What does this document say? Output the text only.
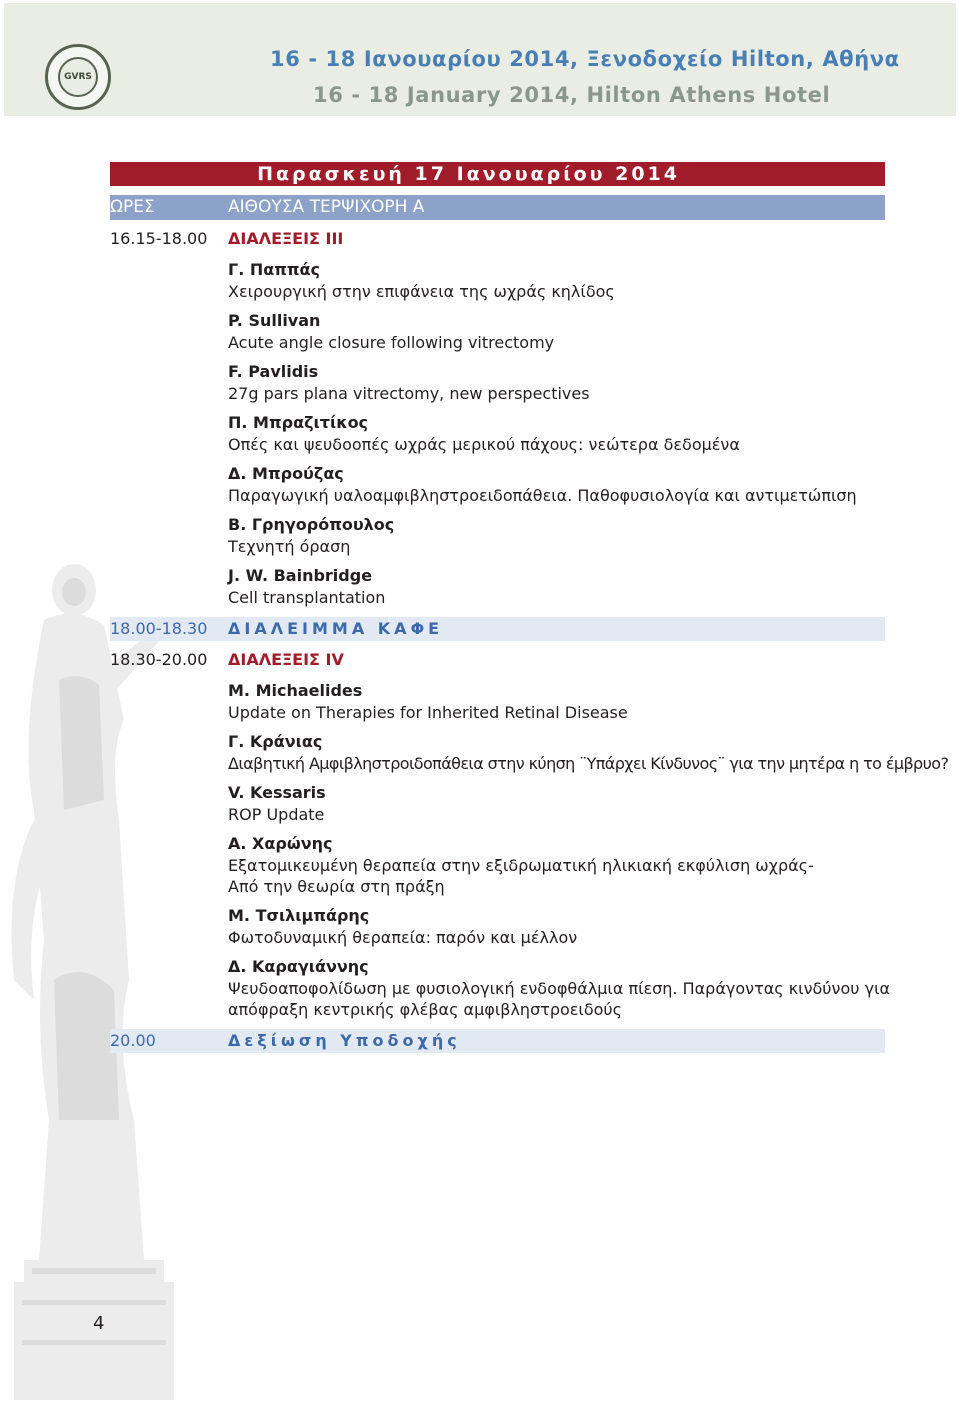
GVRS
16 - 18 Ιανουαρίου 2014, Ξενοδοχείο Hilton, Αθήνα
16 - 18 January 2014, Hilton Athens Hotel
Παρασκευή 17 Ιανουαρίου 2014
ΩΡΕΣ	ΑΙΘΟΥΣΑ ΤΕΡΨΙΧΟΡΗ Α
16.15-18.00 ΔΙΑΛΕΞΕΙΣ ΙΙΙ
Γ. Παππάς
Χειρουργική στην επιφάνεια της ωχράς κηλίδος
P. Sullivan
Acute angle closure following vitrectomy
F. Pavlidis
27g pars plana vitrectomy, new perspectives
Π. Μπραζιτίκος
Οπές και ψευδοοπές ωχράς μερικού πάχους: νεώτερα δεδομένα
Δ. Μπρούζας
Παραγωγική υαλοαμφιβληστροειδοπάθεια. Παθοφυσιολογία και αντιμετώπιση
Β. Γρηγορόπουλος
Τεχνητή όραση
J. W. Bainbridge
Cell transplantation
18.00-18.30 ΔΙΑΛΕΙΜΜΑ ΚΑΦΕ
18.30-20.00 ΔΙΑΛΕΞΕΙΣ ΙV
M. Michaelides
Update on Therapies for Inherited Retinal Disease
Γ. Κράνιας
Διαβητική Αμφιβληστροιδοπάθεια στην κύηση ¨Υπάρχει Κίνδυνος¨ για την μητέρα η το έμβρυο?
V. Kessaris
ROP Update
Α. Χαρώνης
Εξατομικευμένη θεραπεία στην εξιδρωματική ηλικιακή εκφύλιση ωχράς-
Από την θεωρία στη πράξη
Μ. Τσιλιμπάρης
Φωτοδυναμική θεραπεία: παρόν και μέλλον
Δ. Καραγιάννης
Ψευδοαποφολίδωση με φυσιολογική ενδοφθάλμια πίεση. Παράγοντας κινδύνου για
απόφραξη κεντρικής φλέβας αμφιβληστροειδούς
20.00	Δεξίωση Υποδοχής
4
